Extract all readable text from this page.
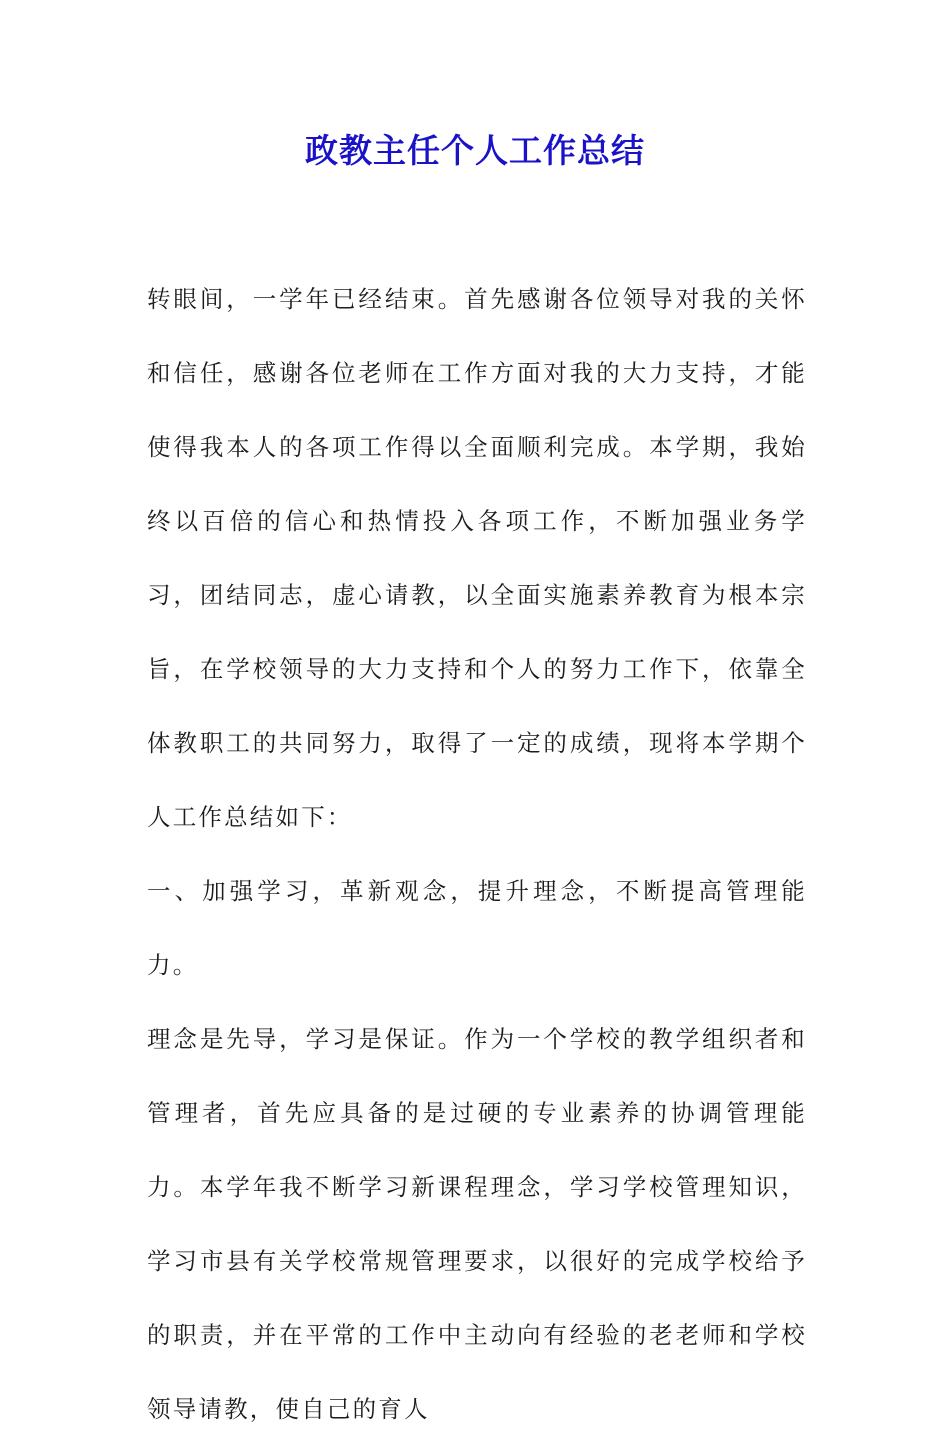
政教主任个人工作总结

转眼间，一学年已经结束。首先感谢各位领导对我的关怀和信任，感谢各位老师在工作方面对我的大力支持，才能使得我本人的各项工作得以全面顺利完成。本学期，我始终以百倍的信心和热情投入各项工作，不断加强业务学习，团结同志，虚心请教，以全面实施素养教育为根本宗旨，在学校领导的大力支持和个人的努力工作下，依靠全体教职工的共同努力，取得了一定的成绩，现将本学期个人工作总结如下：

一、加强学习，革新观念，提升理念，不断提高管理能力。

理念是先导，学习是保证。作为一个学校的教学组织者和管理者，首先应具备的是过硬的专业素养的协调管理能力。本学年我不断学习新课程理念，学习学校管理知识，学习市县有关学校常规管理要求，以很好的完成学校给予的职责，并在平常的工作中主动向有经验的老老师和学校领导请教，使自己的育人
